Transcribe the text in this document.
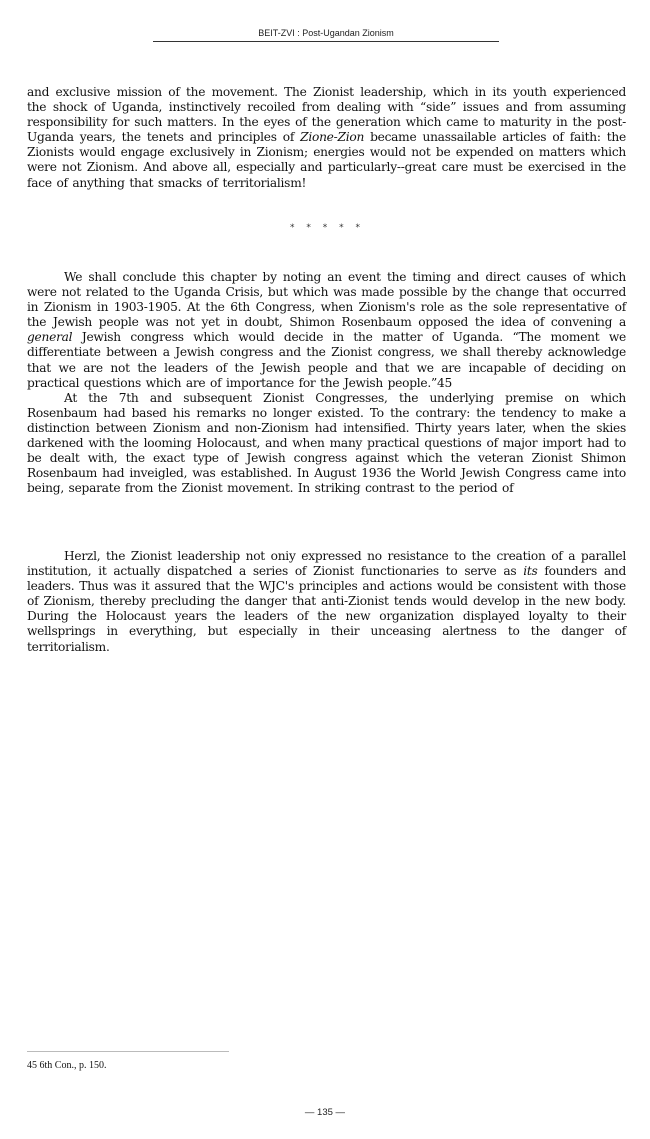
BEIT-ZVI : Post-Ugandan Zionism

and exclusive mission of the movement. The Zionist leadership, which in its youth experienced the shock of Uganda, instinctively recoiled from dealing with “side” issues and from assuming responsibility for such matters. In the eyes of the generation which came to maturity in the post-Uganda years, the tenets and principles of Zione-Zion became unassailable articles of faith: the Zionists would engage exclusively in Zionism; energies would not be expended on matters which were not Zionism. And above all, especially and particularly--great care must be exercised in the face of anything that smacks of territorialism!

* * * * *

We shall conclude this chapter by noting an event the timing and direct causes of which were not related to the Uganda Crisis, but which was made possible by the change that occurred in Zionism in 1903-1905. At the 6th Congress, when Zionism's role as the sole representative of the Jewish people was not yet in doubt, Shimon Rosenbaum opposed the idea of convening a general Jewish congress which would decide in the matter of Uganda. “The moment we differentiate between a Jewish congress and the Zionist congress, we shall thereby acknowledge that we are not the leaders of the Jewish people and that we are incapable of deciding on practical questions which are of importance for the Jewish people.”45

At the 7th and subsequent Zionist Congresses, the underlying premise on which Rosenbaum had based his remarks no longer existed. To the contrary: the tendency to make a distinction between Zionism and non-Zionism had intensified. Thirty years later, when the skies darkened with the looming Holocaust, and when many practical questions of major import had to be dealt with, the exact type of Jewish congress against which the veteran Zionist Shimon Rosenbaum had inveigled, was established. In August 1936 the World Jewish Congress came into being, separate from the Zionist movement. In striking contrast to the period of

Herzl, the Zionist leadership not oniy expressed no resistance to the creation of a parallel institution, it actually dispatched a series of Zionist functionaries to serve as its founders and leaders. Thus was it assured that the WJC's principles and actions would be consistent with those of Zionism, thereby precluding the danger that anti-Zionist tends would develop in the new body. During the Holocaust years the leaders of the new organization displayed loyalty to their wellsprings in everything, but especially in their unceasing alertness to the danger of territorialism.

45 6th Con., p. 150.
— 135 —
